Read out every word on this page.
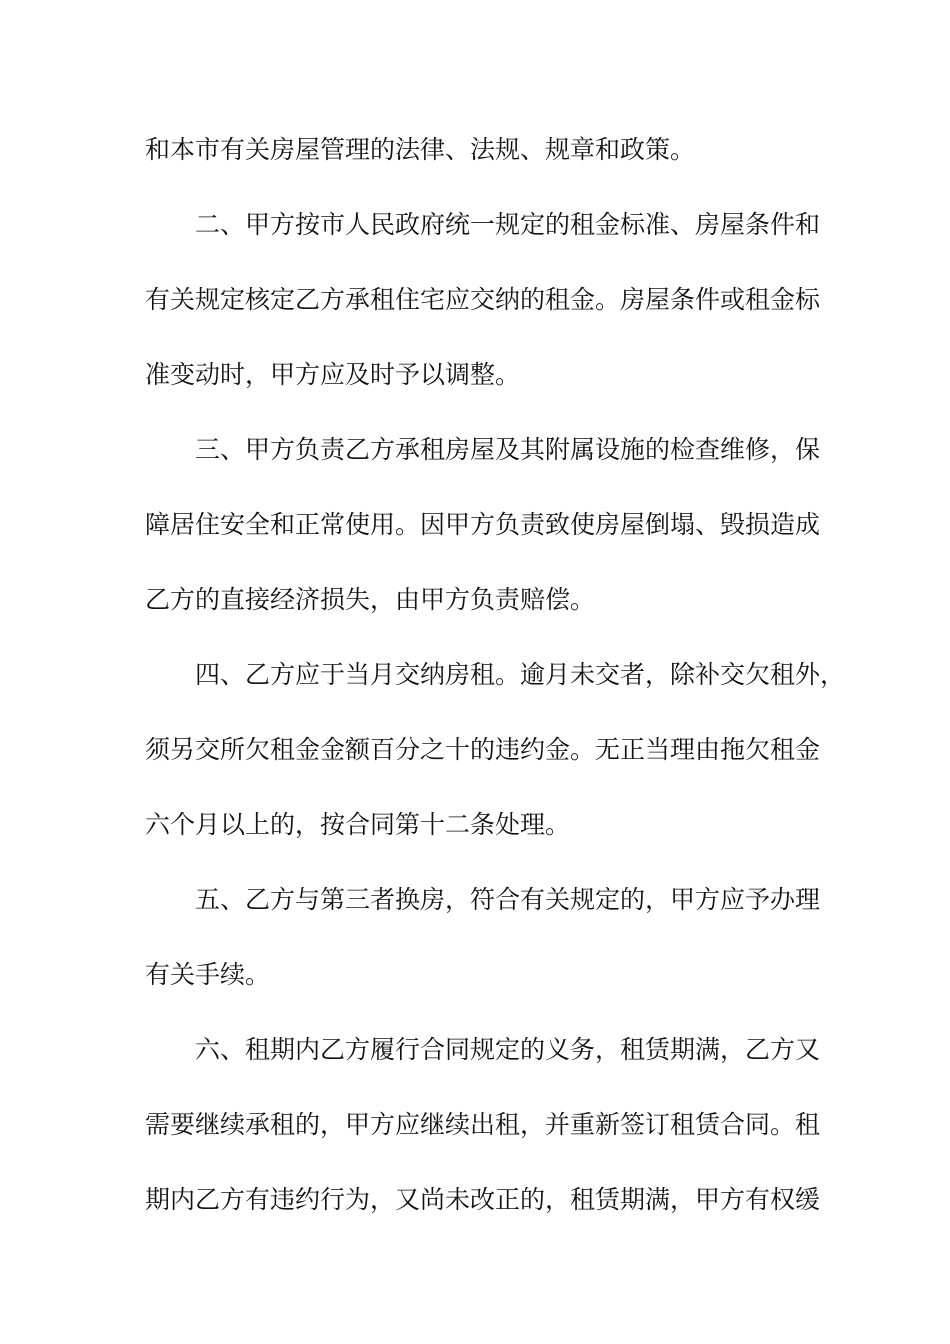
和本市有关房屋管理的法律、法规、规章和政策。

二、甲方按市人民政府统一规定的租金标准、房屋条件和

有关规定核定乙方承租住宅应交纳的租金。房屋条件或租金标

准变动时，甲方应及时予以调整。

三、甲方负责乙方承租房屋及其附属设施的检查维修，保

障居住安全和正常使用。因甲方负责致使房屋倒塌、毁损造成

乙方的直接经济损失，由甲方负责赔偿。

四、乙方应于当月交纳房租。逾月未交者，除补交欠租外，

须另交所欠租金金额百分之十的违约金。无正当理由拖欠租金

六个月以上的，按合同第十二条处理。

五、乙方与第三者换房，符合有关规定的，甲方应予办理

有关手续。

六、租期内乙方履行合同规定的义务，租赁期满，乙方又

需要继续承租的，甲方应继续出租，并重新签订租赁合同。租

期内乙方有违约行为，又尚未改正的，租赁期满，甲方有权缓
